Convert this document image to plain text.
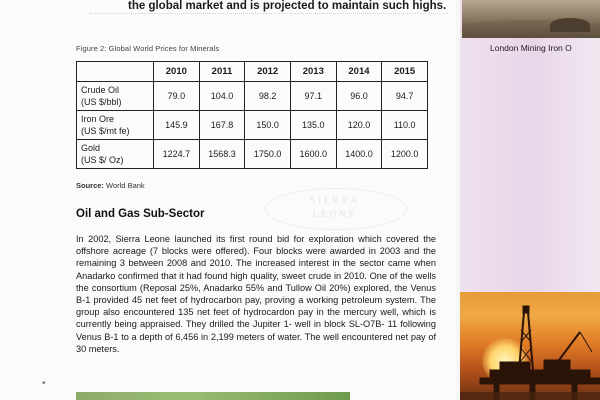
the global market and is projected to maintain such highs.
Figure 2: Global World Prices for Minerals
	2010	2011	2012	2013	2014	2015

Crude Oil
(US $/bbl)	79.0	104.0	98.2	97.1	96.0	94.7

Iron Ore
(US $/mt fe)	145.9	167.8	150.0	135.0	120.0	110.0

Gold
(US $/ Oz)	1224.7	1568.3	1750.0	1600.0	1400.0	1200.0
Source: World Bank
SIERRA
LEONE
Oil and Gas Sub-Sector
In 2002, Sierra Leone launched its first round bid for exploration which covered the offshore acreage (7 blocks were offered). Four blocks were awarded in 2003 and the remaining 3 between 2008 and 2010. The increased interest in the sector came when Anadarko confirmed that it had found high quality, sweet crude in 2010. One of the wells the consortium (Reposal 25%, Anadarko 55% and Tullow Oil 20%) explored, the Venus B-1 provided 45 net feet of hydrocarbon pay, proving a working petroleum system. The group also encountered 135 net feet of hydrocardon pay in the mercury well, which is currently being appraised. They drilled the Jupiter 1- well in block SL-O7B- 11 following Venus B-1 to a depth of 6,456 in 2,199 meters of water. The well encountered net pay of 30 meters.
•
London Mining Iron O
